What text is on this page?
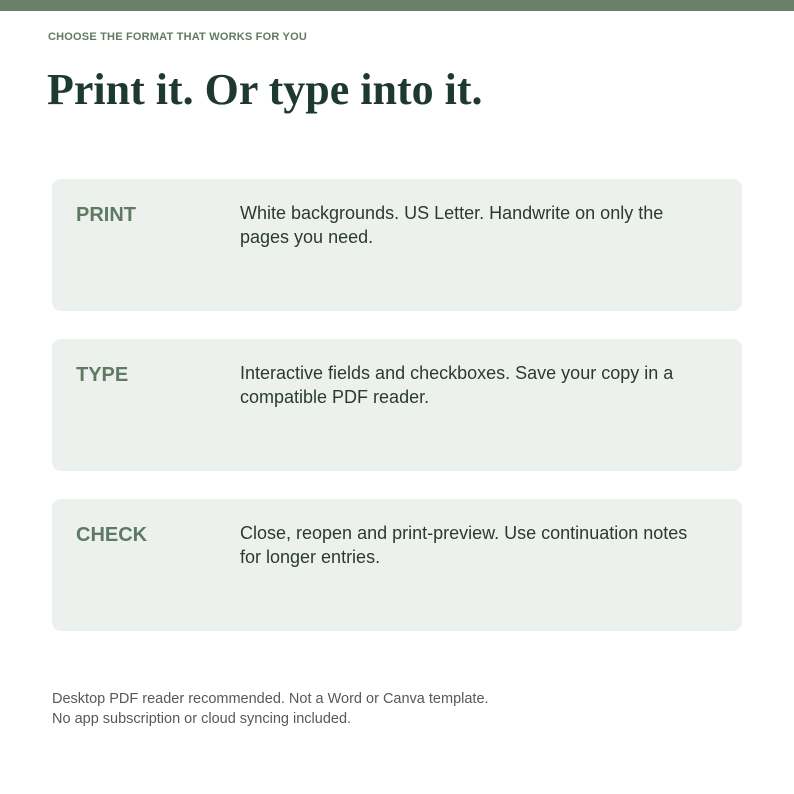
CHOOSE THE FORMAT THAT WORKS FOR YOU
Print it. Or type into it.
PRINT	White backgrounds. US Letter. Handwrite on only the pages you need.
TYPE	Interactive fields and checkboxes. Save your copy in a compatible PDF reader.
CHECK	Close, reopen and print-preview. Use continuation notes for longer entries.
Desktop PDF reader recommended. Not a Word or Canva template.
No app subscription or cloud syncing included.
